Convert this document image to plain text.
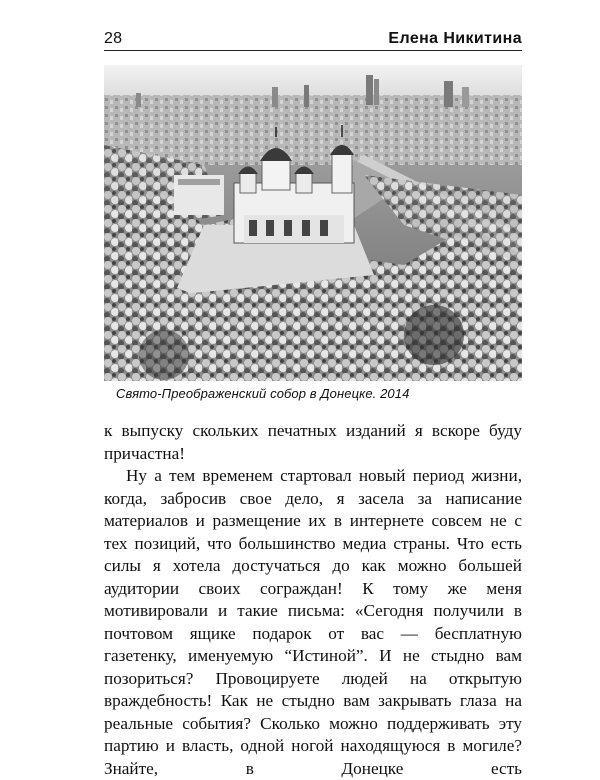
28	Елена Никитина
Свято-Преображенский собор в Донецке. 2014

к выпуску скольких печатных изданий я вскоре буду причастна!

Ну а тем временем стартовал новый период жизни, когда, забросив свое дело, я засела за написание материалов и размещение их в интернете совсем не с тех позиций, что большинство медиа страны. Что есть силы я хотела достучаться до как можно большей аудитории своих сограждан! К тому же меня мотивировали и такие письма: «Сегодня получили в почтовом ящике подарок от вас — бесплатную газетенку, именуемую “Истиной”. И не стыдно вам позориться? Провоцируете людей на открытую враждебность! Как не стыдно вам закрывать глаза на реальные события? Сколько можно поддерживать эту партию и власть, одной ногой находящуюся в могиле? Знайте, в Донецке есть
